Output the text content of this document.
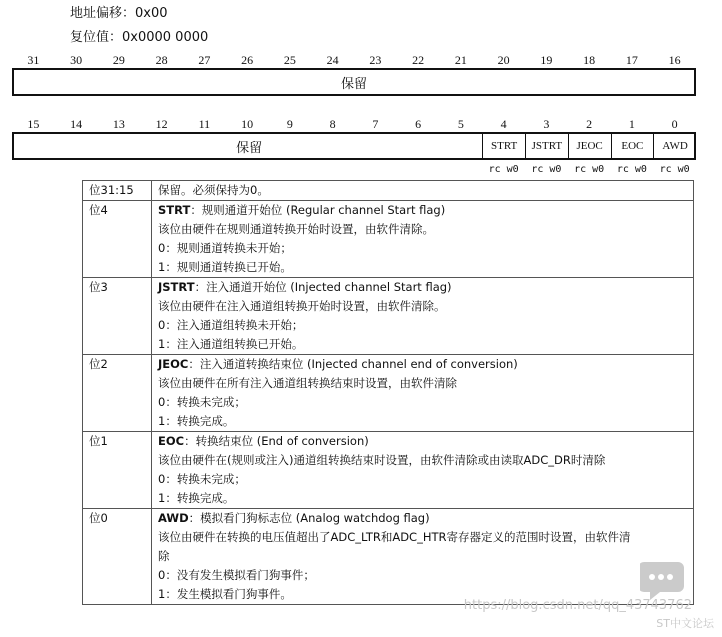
地址偏移：0x00
复位值：0x0000 0000
31	30	29	28	27	26	25	24	23	22	21	20	19	18	17	16
保留
15	14	13	12	11	10	9	8	7	6	5	4	3	2	1	0
保留	STRT	JSTRT	JEOC	EOC	AWD
rc w0	rc w0	rc w0	rc w0	rc w0
位31:15	保留。必须保持为0。

位4	STRT：规则通道开始位 (Regular channel Start flag)
该位由硬件在规则通道转换开始时设置，由软件清除。
0：规则通道转换未开始；
1：规则通道转换已开始。

位3	JSTRT：注入通道开始位 (Injected channel Start flag)
该位由硬件在注入通道组转换开始时设置，由软件清除。
0：注入通道组转换未开始；
1：注入通道组转换已开始。

位2	JEOC：注入通道转换结束位 (Injected channel end of conversion)
该位由硬件在所有注入通道组转换结束时设置，由软件清除
0：转换未完成；
1：转换完成。

位1	EOC：转换结束位 (End of conversion)
该位由硬件在(规则或注入)通道组转换结束时设置，由软件清除或由读取ADC_DR时清除
0：转换未完成；
1：转换完成。

位0	AWD：模拟看门狗标志位 (Analog watchdog flag)
该位由硬件在转换的电压值超出了ADC_LTR和ADC_HTR寄存器定义的范围时设置，由软件清
除
0：没有发生模拟看门狗事件；
1：发生模拟看门狗事件。
https://blog.csdn.net/qq_43743762
ST中文论坛
